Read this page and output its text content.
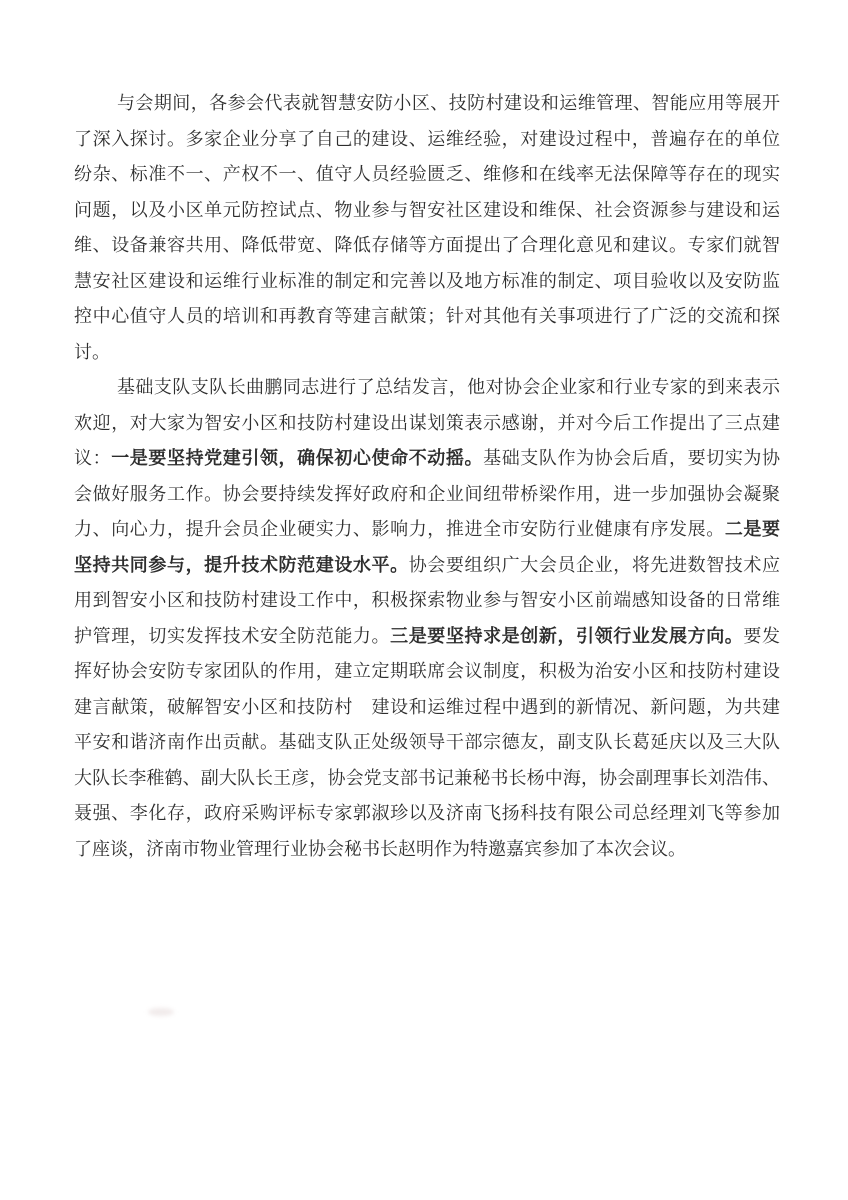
与会期间，各参会代表就智慧安防小区、技防村建设和运维管理、智能应用等展开
了深入探讨。多家企业分享了自己的建设、运维经验，对建设过程中，普遍存在的单位
纷杂、标准不一、产权不一、值守人员经验匮乏、维修和在线率无法保障等存在的现实
问题，以及小区单元防控试点、物业参与智安社区建设和维保、社会资源参与建设和运
维、设备兼容共用、降低带宽、降低存储等方面提出了合理化意见和建议。专家们就智
慧安社区建设和运维行业标准的制定和完善以及地方标准的制定、项目验收以及安防监
控中心值守人员的培训和再教育等建言献策；针对其他有关事项进行了广泛的交流和探
讨。
基础支队支队长曲鹏同志进行了总结发言，他对协会企业家和行业专家的到来表示
欢迎，对大家为智安小区和技防村建设出谋划策表示感谢，并对今后工作提出了三点建
议：一是要坚持党建引领，确保初心使命不动摇。基础支队作为协会后盾，要切实为协
会做好服务工作。协会要持续发挥好政府和企业间纽带桥梁作用，进一步加强协会凝聚
力、向心力，提升会员企业硬实力、影响力，推进全市安防行业健康有序发展。二是要
坚持共同参与，提升技术防范建设水平。协会要组织广大会员企业，将先进数智技术应
用到智安小区和技防村建设工作中，积极探索物业参与智安小区前端感知设备的日常维
护管理，切实发挥技术安全防范能力。三是要坚持求是创新，引领行业发展方向。要发
挥好协会安防专家团队的作用，建立定期联席会议制度，积极为治安小区和技防村建设
建言献策，破解智安小区和技防村　建设和运维过程中遇到的新情况、新问题，为共建
平安和谐济南作出贡献。基础支队正处级领导干部宗德友，副支队长葛延庆以及三大队
大队长李稚鹤、副大队长王彦，协会党支部书记兼秘书长杨中海，协会副理事长刘浩伟、
聂强、李化存，政府采购评标专家郭淑珍以及济南飞扬科技有限公司总经理刘飞等参加
了座谈，济南市物业管理行业协会秘书长赵明作为特邀嘉宾参加了本次会议。
